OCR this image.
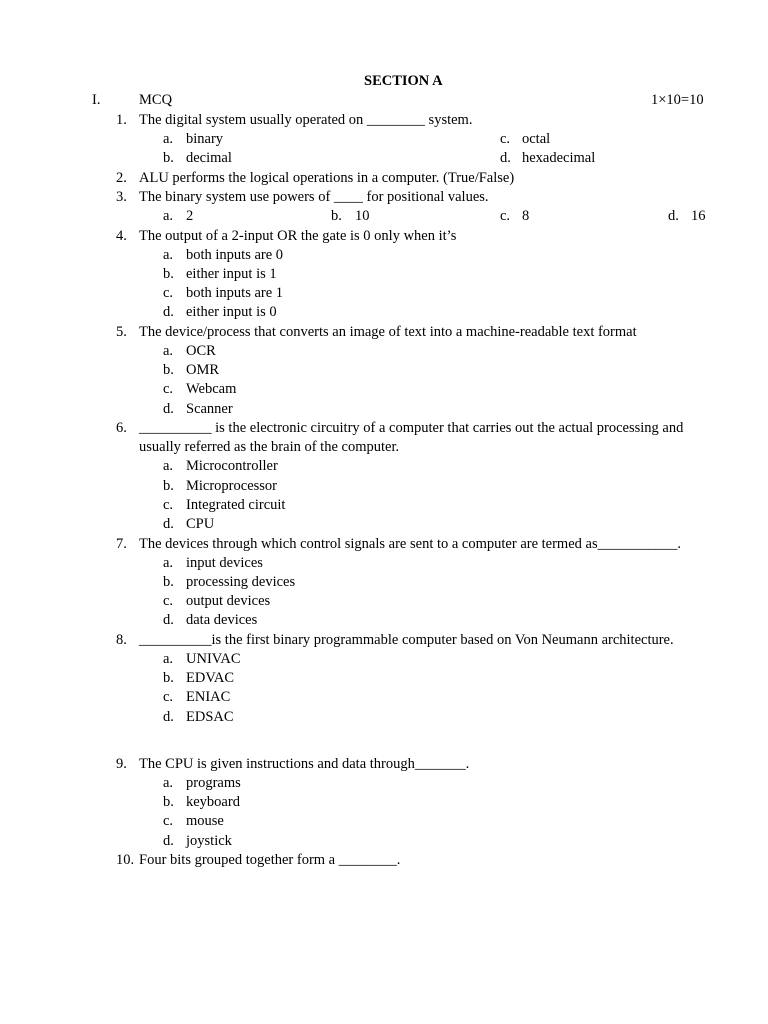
SECTION A
I.	MCQ	1×10=10
1. The digital system usually operated on ________ system.
a. binary	c. octal
b. decimal	d. hexadecimal
2. ALU performs the logical operations in a computer. (True/False)
3. The binary system use powers of ____ for positional values.
a. 2	b. 10	c. 8	d. 16
4. The output of a 2-input OR the gate is 0 only when it’s
a. both inputs are 0
b. either input is 1
c. both inputs are 1
d. either input is 0
5. The device/process that converts an image of text into a machine-readable text format
a. OCR
b. OMR
c. Webcam
d. Scanner
6. __________ is the electronic circuitry of a computer that carries out the actual processing and
usually referred as the brain of the computer.
a. Microcontroller
b. Microprocessor
c. Integrated circuit
d. CPU
7. The devices through which control signals are sent to a computer are termed as___________.
a. input devices
b. processing devices
c. output devices
d. data devices
8. __________is the first binary programmable computer based on Von Neumann architecture.
a. UNIVAC
b. EDVAC
c. ENIAC
d. EDSAC
9. The CPU is given instructions and data through_______.
a. programs
b. keyboard
c. mouse
d. joystick
10. Four bits grouped together form a ________.
